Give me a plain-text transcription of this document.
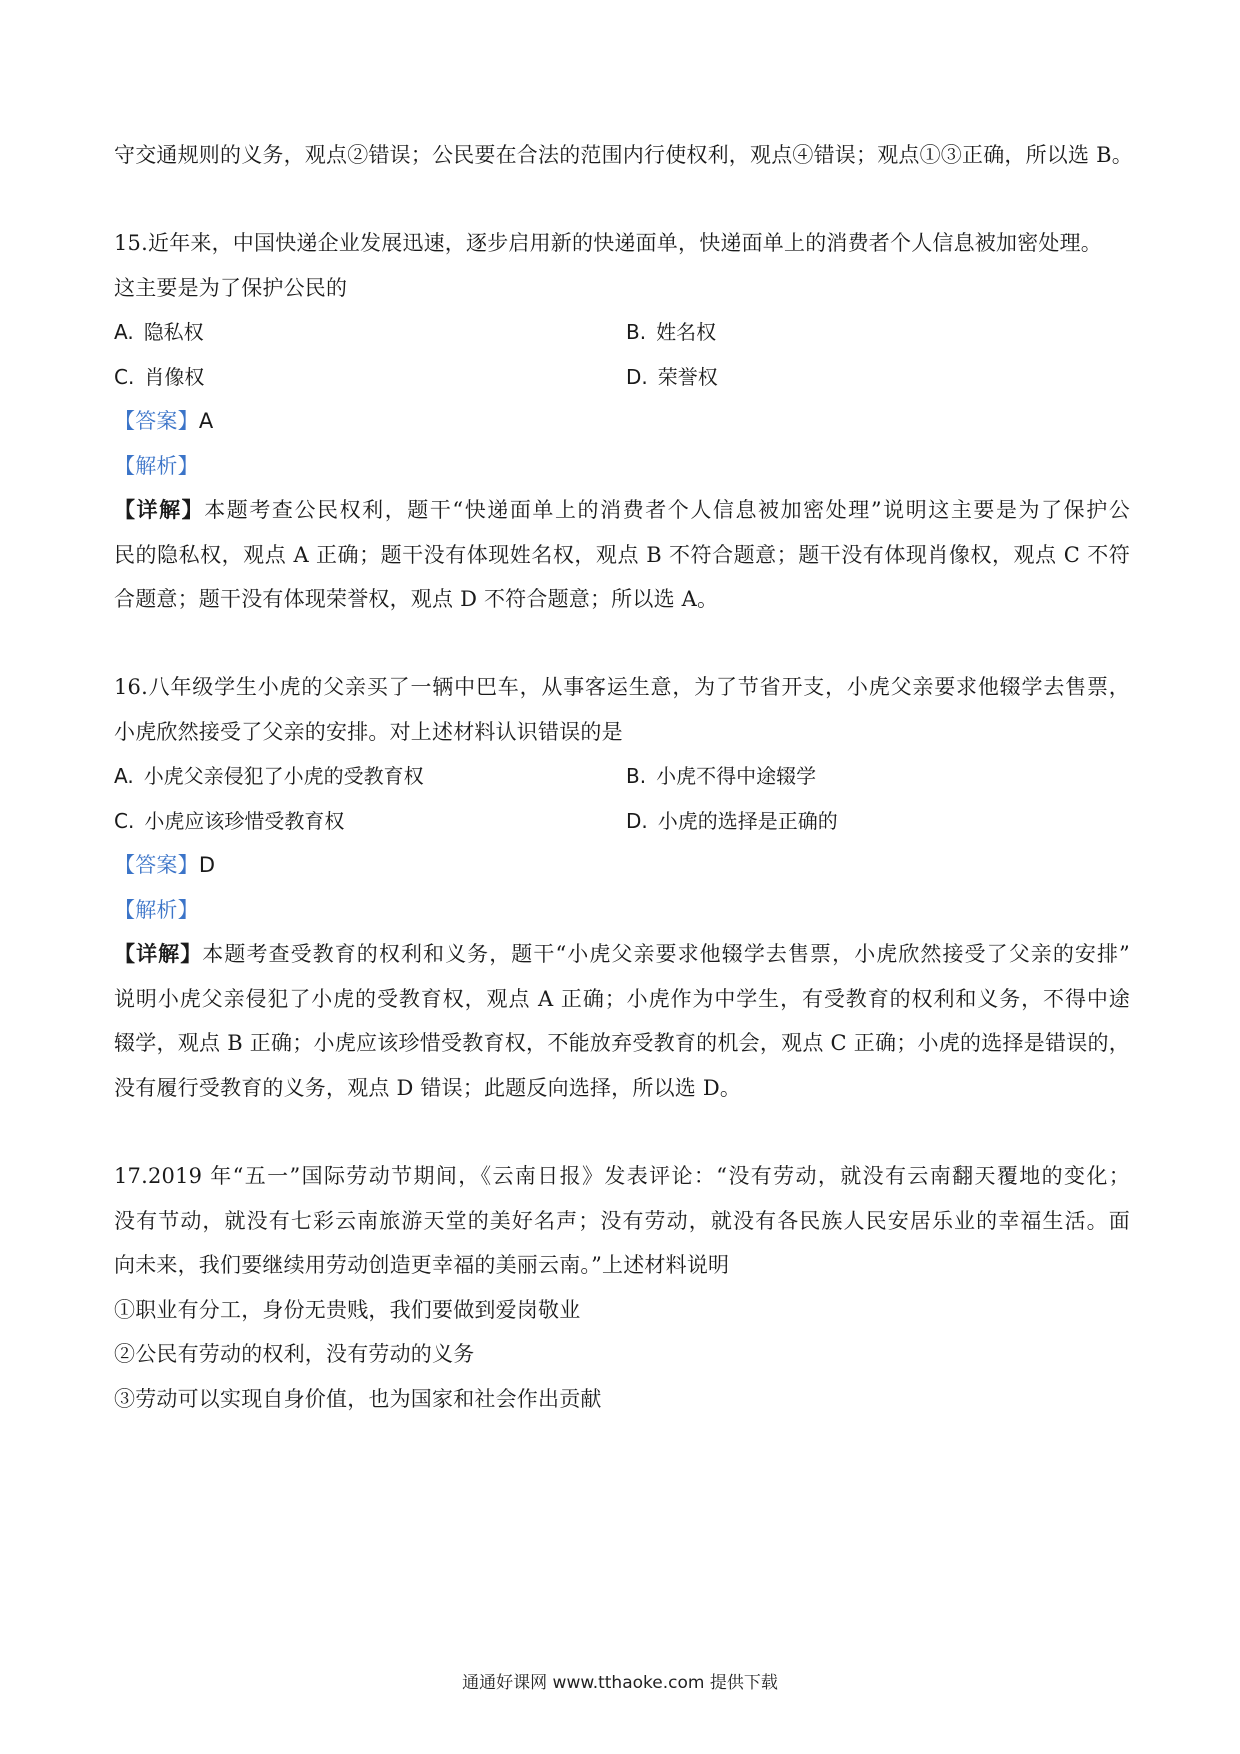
守交通规则的义务，观点②错误；公民要在合法的范围内行使权利，观点④错误；观点①③正确，所以选 B。
15.近年来，中国快递企业发展迅速，逐步启用新的快递面单，快递面单上的消费者个人信息被加密处理。
这主要是为了保护公民的
A. 隐私权	B. 姓名权
C. 肖像权	D. 荣誉权
【答案】A
【解析】
【详解】本题考查公民权利，题干“快递面单上的消费者个人信息被加密处理”说明这主要是为了保护公
民的隐私权，观点 A 正确；题干没有体现姓名权，观点 B 不符合题意；题干没有体现肖像权，观点 C 不符
合题意；题干没有体现荣誉权，观点 D 不符合题意；所以选 A。
16.八年级学生小虎的父亲买了一辆中巴车，从事客运生意，为了节省开支，小虎父亲要求他辍学去售票，
小虎欣然接受了父亲的安排。对上述材料认识错误的是
A. 小虎父亲侵犯了小虎的受教育权	B. 小虎不得中途辍学
C. 小虎应该珍惜受教育权	D. 小虎的选择是正确的
【答案】D
【解析】
【详解】本题考查受教育的权利和义务，题干“小虎父亲要求他辍学去售票，小虎欣然接受了父亲的安排”
说明小虎父亲侵犯了小虎的受教育权，观点 A 正确；小虎作为中学生，有受教育的权利和义务，不得中途
辍学，观点 B 正确；小虎应该珍惜受教育权，不能放弃受教育的机会，观点 C 正确；小虎的选择是错误的，
没有履行受教育的义务，观点 D 错误；此题反向选择，所以选 D。
17.2019 年“五一”国际劳动节期间，《云南日报》发表评论：“没有劳动，就没有云南翻天覆地的变化；
没有节动，就没有七彩云南旅游天堂的美好名声；没有劳动，就没有各民族人民安居乐业的幸福生活。面
向未来，我们要继续用劳动创造更幸福的美丽云南。”上述材料说明
①职业有分工，身份无贵贱，我们要做到爱岗敬业
②公民有劳动的权利，没有劳动的义务
③劳动可以实现自身价值，也为国家和社会作出贡献
通通好课网 www.tthaoke.com 提供下载
